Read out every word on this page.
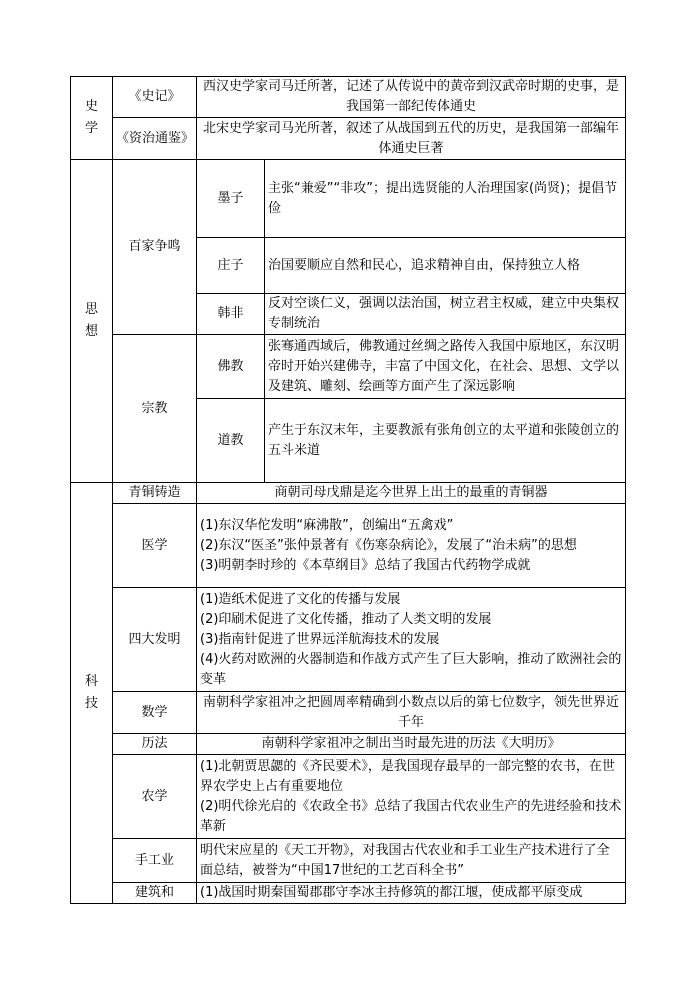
史
学	《史记》	西汉史学家司马迁所著，记述了从传说中的黄帝到汉武帝时期的史事，是我国第一部纪传体通史	
	《资治通鉴》	北宋史学家司马光所著，叙述了从战国到五代的历史，是我国第一部编年体通史巨著	

思
想	百家争鸣	墨子	主张“兼爱”“非攻”；提出选贤能的人治理国家(尚贤)；提倡节俭
		庄子	治国要顺应自然和民心，追求精神自由，保持独立人格
		韩非	反对空谈仁义，强调以法治国，树立君主权威，建立中央集权专制统治
	宗教	佛教	张骞通西域后，佛教通过丝绸之路传入我国中原地区，东汉明帝时开始兴建佛寺，丰富了中国文化，在社会、思想、文学以及建筑、雕刻、绘画等方面产生了深远影响
		道教	产生于东汉末年，主要教派有张角创立的太平道和张陵创立的五斗米道

科
技	青铜铸造	商朝司母戊鼎是迄今世界上出土的最重的青铜器	

	医学	(1)东汉华佗发明“麻沸散”，创编出“五禽戏”
(2)东汉“医圣”张仲景著有《伤寒杂病论》，发展了“治未病”的思想
(3)明朝李时珍的《本草纲目》总结了我国古代药物学成就	

	四大发明	(1)造纸术促进了文化的传播与发展
(2)印刷术促进了文化传播，推动了人类文明的发展
(3)指南针促进了世界远洋航海技术的发展
(4)火药对欧洲的火器制造和作战方式产生了巨大影响，推动了欧洲社会的变革	

	数学	南朝科学家祖冲之把圆周率精确到小数点以后的第七位数字，领先世界近千年	

	历法	南朝科学家祖冲之制出当时最先进的历法《大明历》	

	农学	(1)北朝贾思勰的《齐民要术》，是我国现存最早的一部完整的农书，在世界农学史上占有重要地位
(2)明代徐光启的《农政全书》总结了我国古代农业生产的先进经验和技术革新	

	手工业	明代宋应星的《天工开物》，对我国古代农业和手工业生产技术进行了全面总结，被誉为“中国17世纪的工艺百科全书”	

	建筑和	(1)战国时期秦国蜀郡郡守李冰主持修筑的都江堰，使成都平原变成	
